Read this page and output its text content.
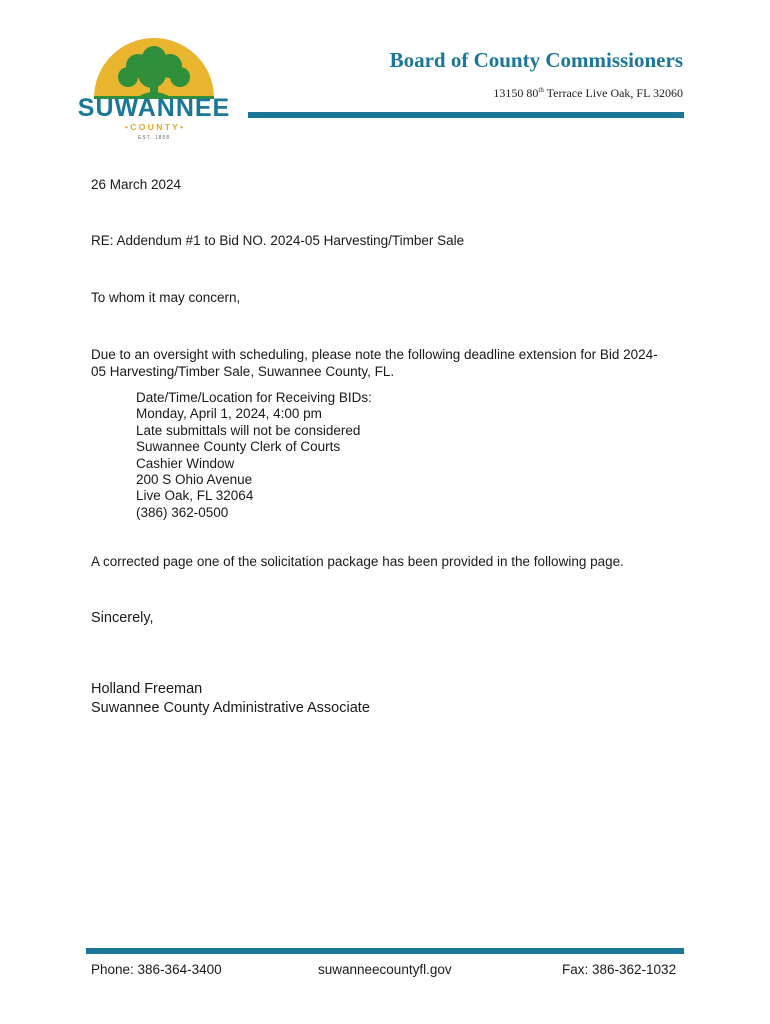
SUWANNEE
• C O U N T Y •
EST. 1858
Board of County Commissioners
13150 80th Terrace Live Oak, FL 32060
26 March 2024
RE: Addendum #1 to Bid NO. 2024-05 Harvesting/Timber Sale
To whom it may concern,
Due to an oversight with scheduling, please note the following deadline extension for Bid 2024-
05 Harvesting/Timber Sale, Suwannee County, FL.
Date/Time/Location for Receiving BIDs:
Monday, April 1, 2024, 4:00 pm
Late submittals will not be considered
Suwannee County Clerk of Courts
Cashier Window
200 S Ohio Avenue
Live Oak, FL 32064
(386) 362-0500
A corrected page one of the solicitation package has been provided in the following page.
Sincerely,
Holland Freeman
Suwannee County Administrative Associate
Phone: 386-364-3400	suwanneecountyfl.gov	Fax: 386-362-1032
